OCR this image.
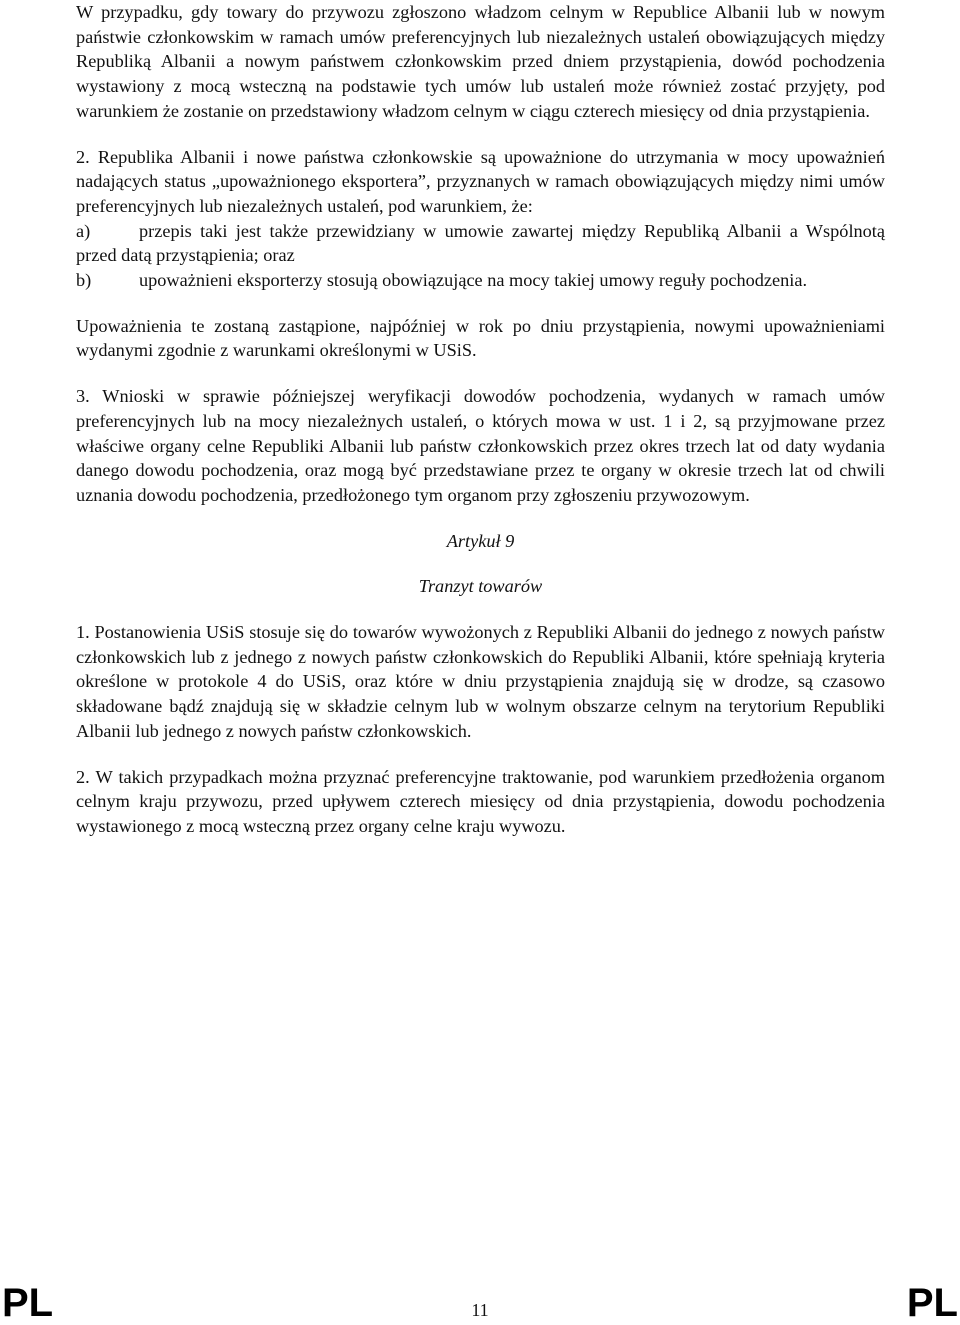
W przypadku, gdy towary do przywozu zgłoszono władzom celnym w Republice Albanii lub w nowym państwie członkowskim w ramach umów preferencyjnych lub niezależnych ustaleń obowiązujących między Republiką Albanii a nowym państwem członkowskim przed dniem przystąpienia, dowód pochodzenia wystawiony z mocą wsteczną na podstawie tych umów lub ustaleń może również zostać przyjęty, pod warunkiem że zostanie on przedstawiony władzom celnym w ciągu czterech miesięcy od dnia przystąpienia.

2. Republika Albanii i nowe państwa członkowskie są upoważnione do utrzymania w mocy upoważnień nadających status „upoważnionego eksportera”, przyznanych w ramach obowiązujących między nimi umów preferencyjnych lub niezależnych ustaleń, pod warunkiem, że:

a)	przepis taki jest także przewidziany w umowie zawartej między Republiką Albanii a Wspólnotą przed datą przystąpienia; oraz

b)	upoważnieni eksporterzy stosują obowiązujące na mocy takiej umowy reguły pochodzenia.

Upoważnienia te zostaną zastąpione, najpóźniej w rok po dniu przystąpienia, nowymi upoważnieniami wydanymi zgodnie z warunkami określonymi w USiS.

3. Wnioski w sprawie późniejszej weryfikacji dowodów pochodzenia, wydanych w ramach umów preferencyjnych lub na mocy niezależnych ustaleń, o których mowa w ust. 1 i 2, są przyjmowane przez właściwe organy celne Republiki Albanii lub państw członkowskich przez okres trzech lat od daty wydania danego dowodu pochodzenia, oraz mogą być przedstawiane przez te organy w okresie trzech lat od chwili uznania dowodu pochodzenia, przedłożonego tym organom przy zgłoszeniu przywozowym.

Artykuł 9

Tranzyt towarów

1. Postanowienia USiS stosuje się do towarów wywożonych z Republiki Albanii do jednego z nowych państw członkowskich lub z jednego z nowych państw członkowskich do Republiki Albanii, które spełniają kryteria określone w protokole 4 do USiS, oraz które w dniu przystąpienia znajdują się w drodze, są czasowo składowane bądź znajdują się w składzie celnym lub w wolnym obszarze celnym na terytorium Republiki Albanii lub jednego z nowych państw członkowskich.

2. W takich przypadkach można przyznać preferencyjne traktowanie, pod warunkiem przedłożenia organom celnym kraju przywozu, przed upływem czterech miesięcy od dnia przystąpienia, dowodu pochodzenia wystawionego z mocą wsteczną przez organy celne kraju wywozu.

PL	PL
11
